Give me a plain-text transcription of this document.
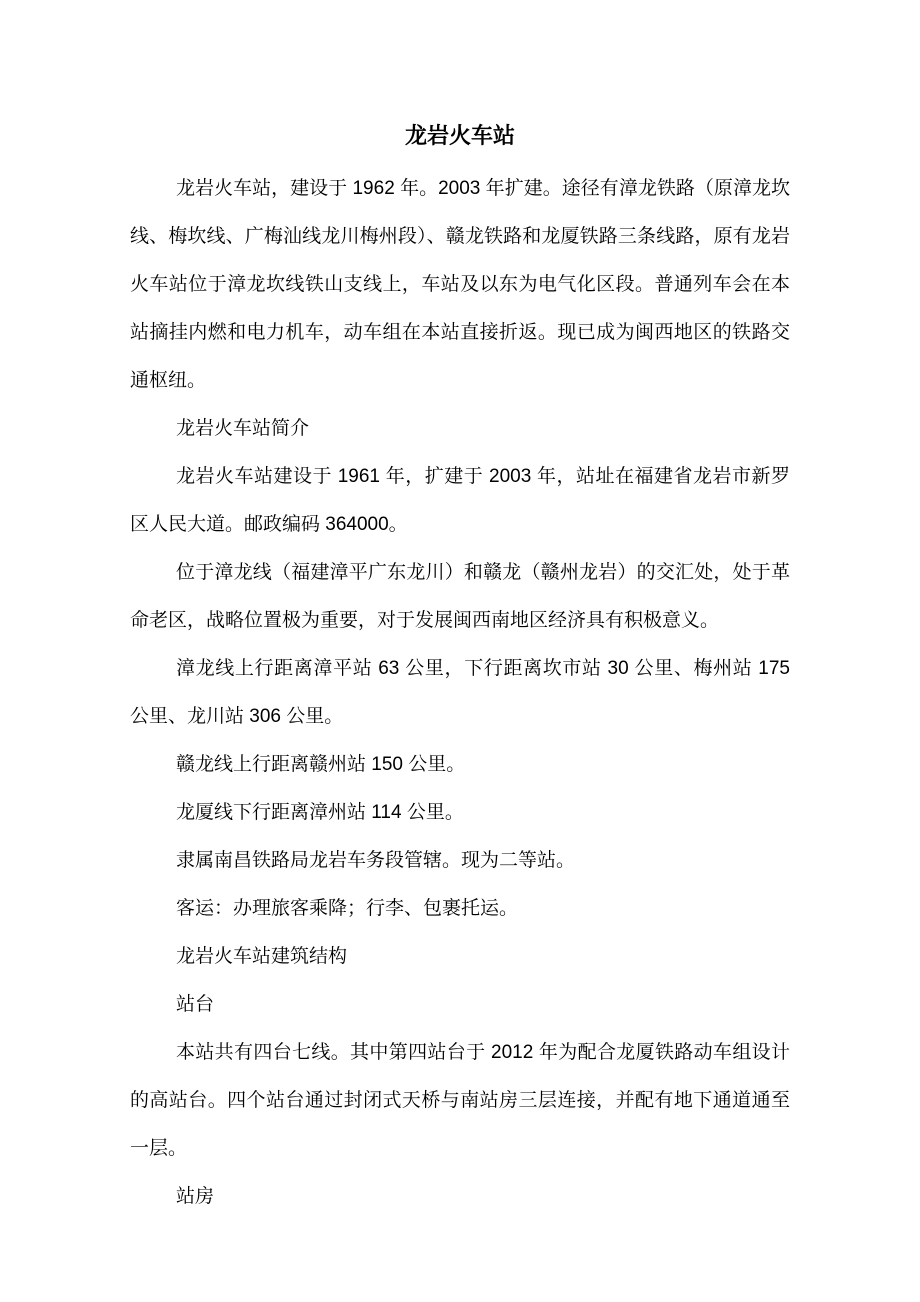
龙岩火车站

龙岩火车站，建设于 1962 年。2003 年扩建。途径有漳龙铁路（原漳龙坎线、梅坎线、广梅汕线龙川梅州段）、赣龙铁路和龙厦铁路三条线路，原有龙岩火车站位于漳龙坎线铁山支线上，车站及以东为电气化区段。普通列车会在本站摘挂内燃和电力机车，动车组在本站直接折返。现已成为闽西地区的铁路交通枢纽。

龙岩火车站简介

龙岩火车站建设于 1961 年，扩建于 2003 年，站址在福建省龙岩市新罗区人民大道。邮政编码 364000。

位于漳龙线（福建漳平广东龙川）和赣龙（赣州龙岩）的交汇处，处于革命老区，战略位置极为重要，对于发展闽西南地区经济具有积极意义。

漳龙线上行距离漳平站 63 公里，下行距离坎市站 30 公里、梅州站 175 公里、龙川站 306 公里。

赣龙线上行距离赣州站 150 公里。

龙厦线下行距离漳州站 114 公里。

隶属南昌铁路局龙岩车务段管辖。现为二等站。

客运：办理旅客乘降；行李、包裹托运。

龙岩火车站建筑结构

站台

本站共有四台七线。其中第四站台于 2012 年为配合龙厦铁路动车组设计的高站台。四个站台通过封闭式天桥与南站房三层连接，并配有地下通道通至一层。

站房
